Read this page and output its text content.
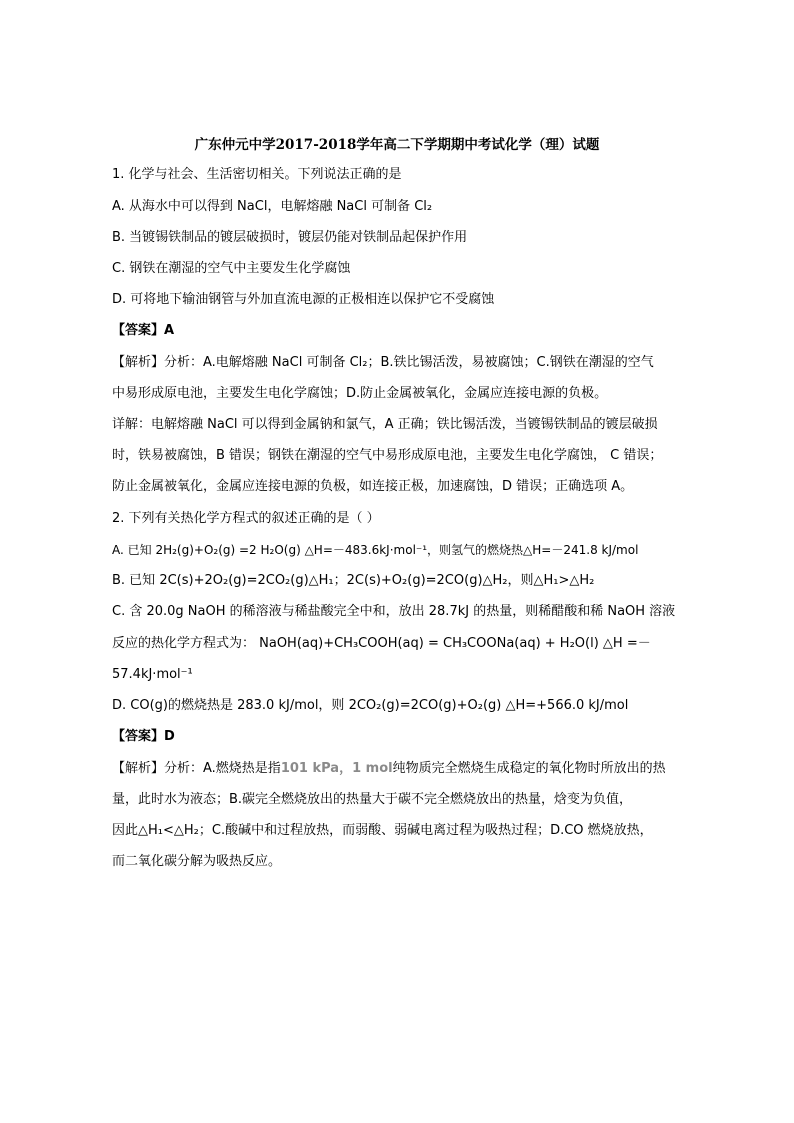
广东仲元中学2017-2018学年高二下学期期中考试化学（理）试题
1. 化学与社会、生活密切相关。下列说法正确的是
A. 从海水中可以得到 NaCl，电解熔融 NaCl 可制备 Cl₂
B. 当镀锡铁制品的镀层破损时，镀层仍能对铁制品起保护作用
C. 钢铁在潮湿的空气中主要发生化学腐蚀
D. 可将地下输油钢管与外加直流电源的正极相连以保护它不受腐蚀
【答案】A
【解析】分析：A.电解熔融 NaCl 可制备 Cl₂；B.铁比锡活泼，易被腐蚀；C.钢铁在潮湿的空气
中易形成原电池，主要发生电化学腐蚀；D.防止金属被氧化，金属应连接电源的负极。
详解：电解熔融 NaCl 可以得到金属钠和氯气，A 正确；铁比锡活泼，当镀锡铁制品的镀层破损
时，铁易被腐蚀，B 错误；钢铁在潮湿的空气中易形成原电池，主要发生电化学腐蚀， C 错误；
防止金属被氧化，金属应连接电源的负极，如连接正极，加速腐蚀，D 错误；正确选项 A。
2. 下列有关热化学方程式的叙述正确的是（ ）
A. 已知 2H₂(g)+O₂(g) =2 H₂O(g) △H=－483.6kJ·mol⁻¹，则氢气的燃烧热△H=－241.8 kJ/mol
B. 已知 2C(s)+2O₂(g)=2CO₂(g)△H₁；2C(s)+O₂(g)=2CO(g)△H₂，则△H₁>△H₂
C. 含 20.0g NaOH 的稀溶液与稀盐酸完全中和，放出 28.7kJ 的热量，则稀醋酸和稀 NaOH 溶液
反应的热化学方程式为： NaOH(aq)+CH₃COOH(aq) = CH₃COONa(aq) + H₂O(l) △H =－
57.4kJ·mol⁻¹
D. CO(g)的燃烧热是 283.0 kJ/mol，则 2CO₂(g)=2CO(g)+O₂(g) △H=+566.0 kJ/mol
【答案】D
【解析】分析：A.燃烧热是指101 kPa，1 mol纯物质完全燃烧生成稳定的氧化物时所放出的热
量，此时水为液态；B.碳完全燃烧放出的热量大于碳不完全燃烧放出的热量，焓变为负值，
因此△H₁<△H₂；C.酸碱中和过程放热，而弱酸、弱碱电离过程为吸热过程；D.CO 燃烧放热，
而二氧化碳分解为吸热反应。
